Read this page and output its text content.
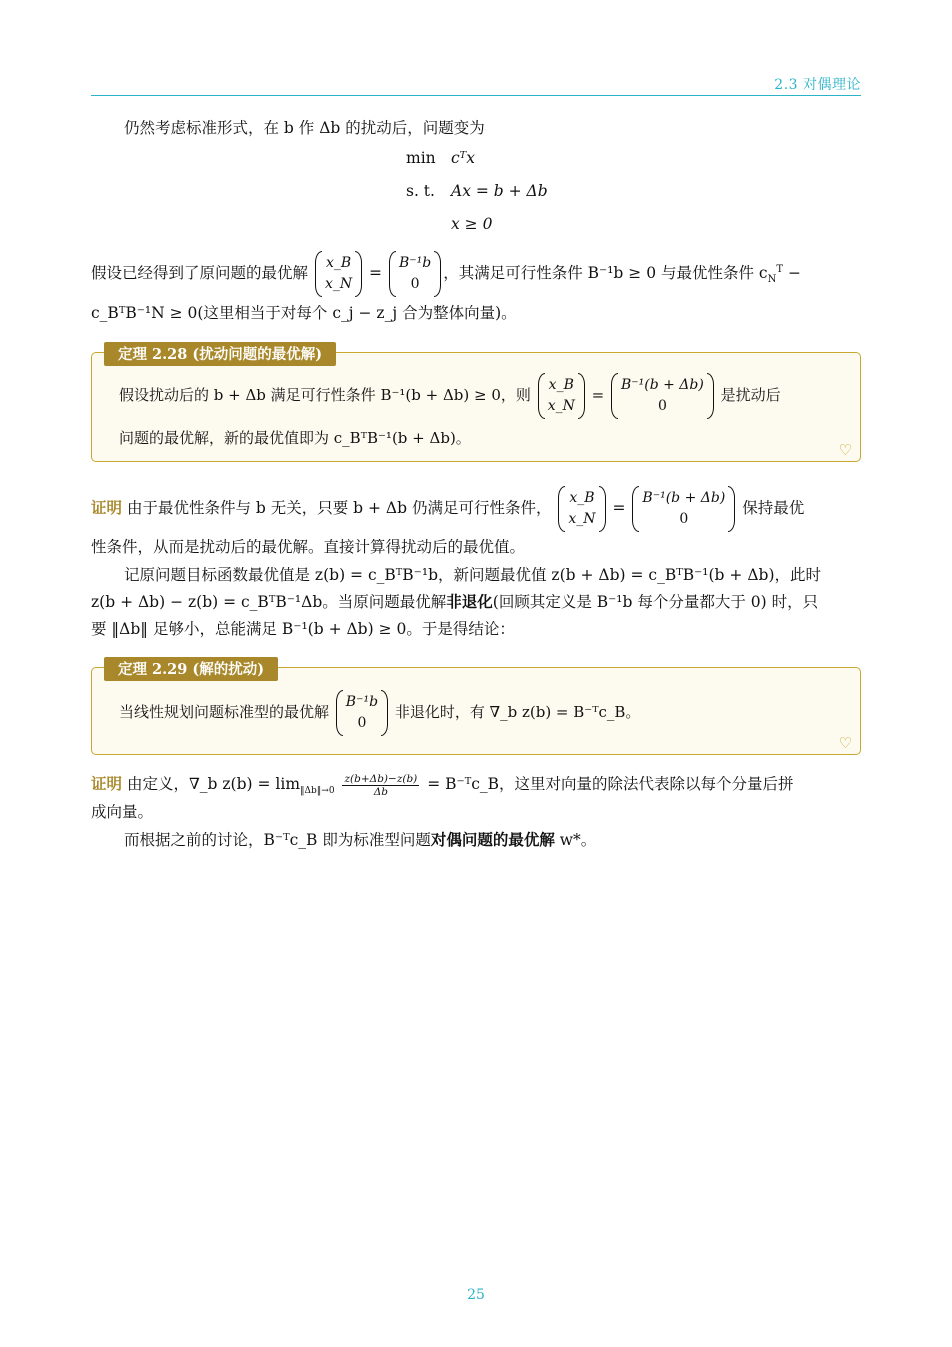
2.3 对偶理论
仍然考虑标准形式，在 b 作 Δb 的扰动后，问题变为
min cᵀx
s. t. Ax = b + Δb
x ≥ 0
假设已经得到了原问题的最优解
x_B
x_N
=
B⁻¹b
0
，其满足可行性条件 B⁻¹b ≥ 0 与最优性条件 $c_N^T$ −
c_BᵀB⁻¹N ≥ 0(这里相当于对每个 c_j − z_j 合为整体向量)。
定理 2.28 (扰动问题的最优解)
假设扰动后的 b + Δb 满足可行性条件 B⁻¹(b + Δb) ≥ 0，则
x_B
x_N
=
B⁻¹(b + Δb)
0
是扰动后
问题的最优解，新的最优值即为 c_BᵀB⁻¹(b + Δb)。
♡
证明 由于最优性条件与 b 无关，只要 b + Δb 仍满足可行性条件，
x_B
x_N
=
B⁻¹(b + Δb)
0
保持最优
性条件，从而是扰动后的最优解。直接计算得扰动后的最优值。
记原问题目标函数最优值是 z(b) = c_BᵀB⁻¹b，新问题最优值 z(b + Δb) = c_BᵀB⁻¹(b + Δb)，此时
z(b + Δb) − z(b) = c_BᵀB⁻¹Δb。当原问题最优解非退化(回顾其定义是 B⁻¹b 每个分量都大于 0) 时，只
要 ‖Δb‖ 足够小，总能满足 B⁻¹(b + Δb) ≥ 0。于是得结论：
定理 2.29 (解的扰动)
当线性规划问题标准型的最优解
B⁻¹b
0
非退化时，有 ∇_b z(b) = B⁻ᵀc_B。
♡
证明 由定义，∇_b $z(b) = \lim_{‖\Delta b‖\to 0} \frac{z(b+\Delta b)-z(b)}{\Delta b}$ = B⁻ᵀc_B，这里对向量的除法代表除以每个分量后拼
成向量。
而根据之前的讨论，B⁻ᵀc_B 即为标准型问题对偶问题的最优解 w*。
25
